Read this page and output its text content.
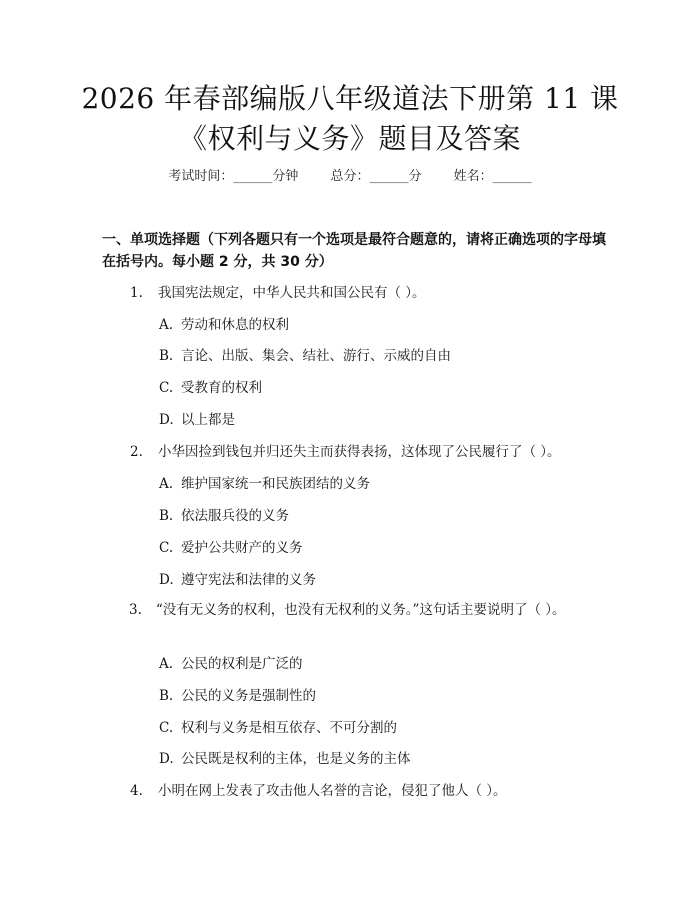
2026 年春部编版八年级道法下册第 11 课
《权利与义务》题目及答案
考试时间：______分钟 总分：______分 姓名：______
一、单项选择题（下列各题只有一个选项是最符合题意的，请将正确选项的字母填在括号内。每小题 2 分，共 30 分）
1. 我国宪法规定，中华人民共和国公民有（ ）。
A. 劳动和休息的权利
B. 言论、出版、集会、结社、游行、示威的自由
C. 受教育的权利
D. 以上都是
2. 小华因捡到钱包并归还失主而获得表扬，这体现了公民履行了（ ）。
A. 维护国家统一和民族团结的义务
B. 依法服兵役的义务
C. 爱护公共财产的义务
D. 遵守宪法和法律的义务
3. “没有无义务的权利，也没有无权利的义务。”这句话主要说明了（ ）。
A. 公民的权利是广泛的
B. 公民的义务是强制性的
C. 权利与义务是相互依存、不可分割的
D. 公民既是权利的主体，也是义务的主体
4. 小明在网上发表了攻击他人名誉的言论，侵犯了他人（ ）。
